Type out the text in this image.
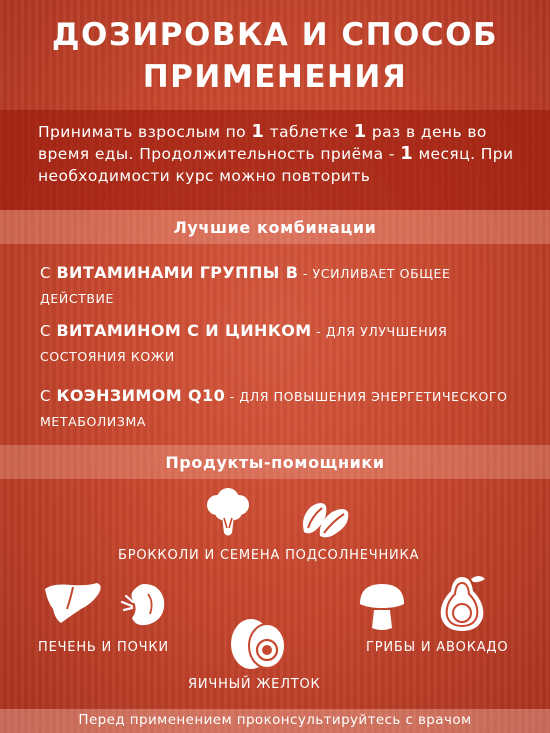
ДОЗИРОВКА И СПОСОБ
ПРИМЕНЕНИЯ
Принимать взрослым по 1 таблетке 1 раз в день во время еды. Продолжительность приёма - 1 месяц. При необходимости курс можно повторить
Лучшие комбинации
С ВИТАМИНАМИ ГРУППЫ В - УСИЛИВАЕТ ОБЩЕЕ ДЕЙСТВИЕ
С ВИТАМИНОМ С И ЦИНКОМ - ДЛЯ УЛУЧШЕНИЯ СОСТОЯНИЯ КОЖИ
С КОЭНЗИМОМ Q10 - ДЛЯ ПОВЫШЕНИЯ ЭНЕРГЕТИЧЕСКОГО МЕТАБОЛИЗМА
Продукты-помощники
БРОККОЛИ И СЕМЕНА ПОДСОЛНЕЧНИКА
ПЕЧЕНЬ И ПОЧКИ
ЯИЧНЫЙ ЖЕЛТОК
ГРИБЫ И АВОКАДО
Перед применением проконсультируйтесь с врачом
